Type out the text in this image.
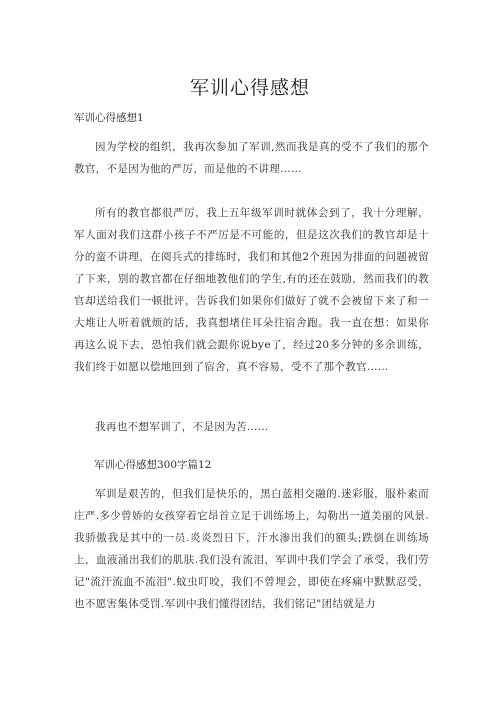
军训心得感想
军训心得感想1
因为学校的组织，我再次参加了军训,然而我是真的受不了我们的那个教官，不是因为他的严厉，而是他的不讲理……
所有的教官都很严厉，我上五年级军训时就体会到了，我十分理解，军人面对我们这群小孩子不严厉是不可能的，但是这次我们的教官却是十分的蛮不讲理，在阅兵式的排练时，我们和其他2个班因为排面的问题被留了下来，别的教官都在仔细地教他们的学生,有的还在鼓励，然而我们的教官却送给我们一顿批评，告诉我们如果你们做好了就不会被留下来了和一大堆让人听着就烦的话，我真想堵住耳朵往宿舍跑。我一直在想：如果你再这么说下去，恐怕我们就会跟你说bye了，经过20多分钟的多余训练，我们终于如愿以偿地回到了宿舍，真不容易，受不了那个教官……
我再也不想军训了，不是因为苦……
军训心得感想300字篇12
军训是艰苦的，但我们是快乐的，黑白蓝相交融的.迷彩服，服朴素而庄严.多少曾娇的女孩穿着它昂首立足于训练场上，勾勒出一道美丽的风景.我骄傲我是其中的一员.炎炎烈日下，汗水渗出我们的额头;跌倒在训练场上，血液涌出我们的肌肤.我们没有流泪，军训中我们学会了承受，我们劳记"流汗流血不流泪".蚊虫叮咬，我们不曾埋会，即使在疼痛中默默忍受，也不愿害集体受罚.军训中我们懂得团结，我们铭记"团结就是力
